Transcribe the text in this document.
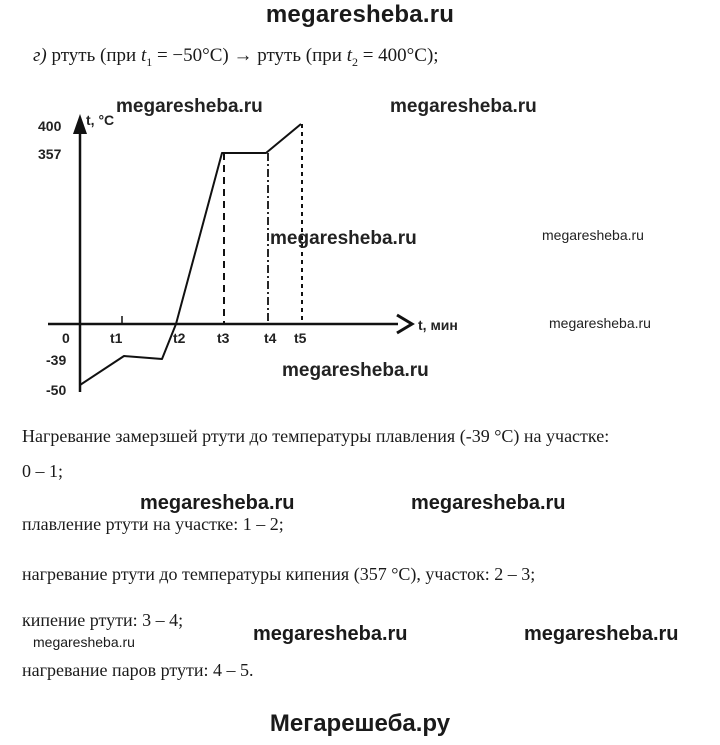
megaresheba.ru
г) ртуть (при $t_1 = -50^\circ С$) → ртуть (при $t_2 = 400^\circ С$);
t, °C
t, мин
400
357
0
-39
-50
t1	t2 t3 t4 t5
megaresheba.ru	megaresheba.ru
megaresheba.ru
megaresheba.ru
megaresheba.ru
megaresheba.ru
Нагревание замерзшей ртути до температуры плавления (-39 °С) на участке:
0 – 1;
megaresheba.ru	megaresheba.ru
плавление ртути на участке: 1 – 2;
нагревание ртути до температуры кипения (357 °С), участок: 2 – 3;
кипение ртути: 3 – 4;
megaresheba.ru	megaresheba.ru	megaresheba.ru
нагревание паров ртути: 4 – 5.
Мегарешеба.ру
